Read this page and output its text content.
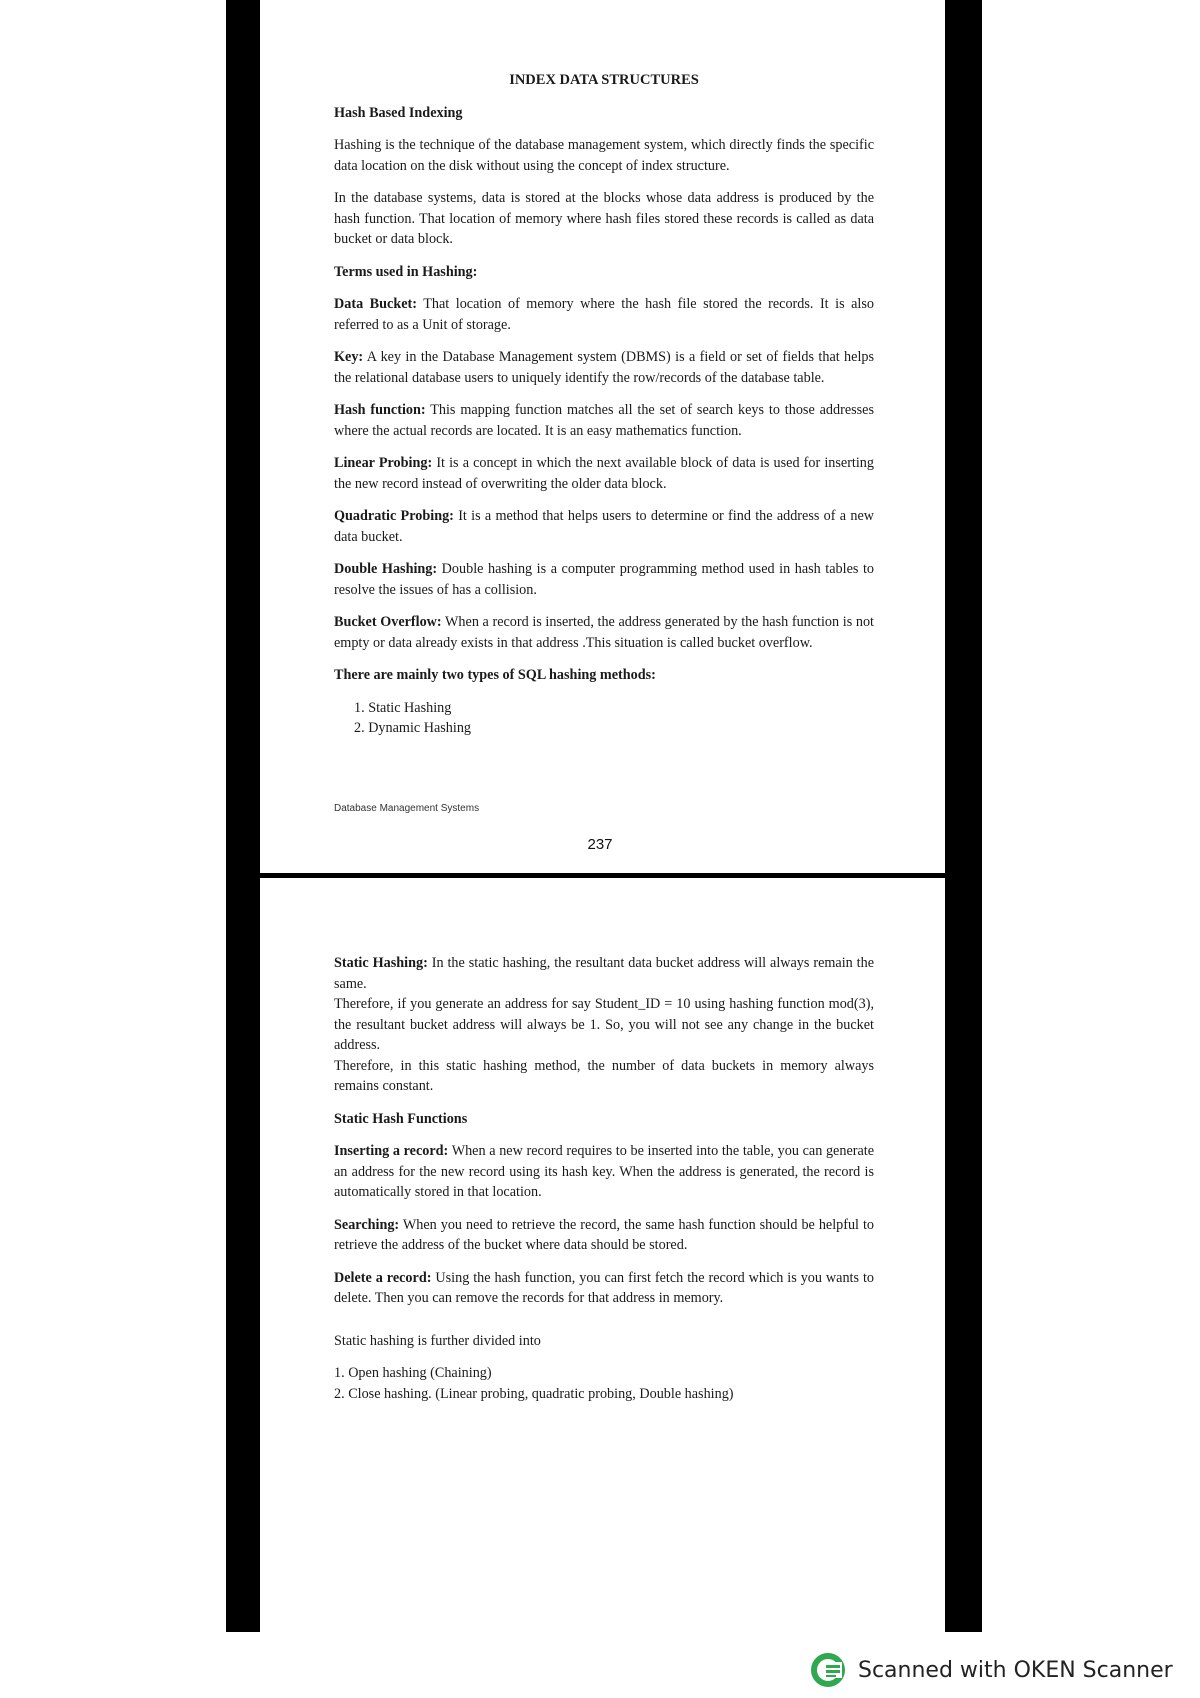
INDEX DATA STRUCTURES
Hash Based Indexing

Hashing is the technique of the database management system, which directly finds the specific data location on the disk without using the concept of index structure.

In the database systems, data is stored at the blocks whose data address is produced by the hash function. That location of memory where hash files stored these records is called as data bucket or data block.

Terms used in Hashing:

Data Bucket: That location of memory where the hash file stored the records. It is also referred to as a Unit of storage.

Key: A key in the Database Management system (DBMS) is a field or set of fields that helps the relational database users to uniquely identify the row/records of the database table.

Hash function: This mapping function matches all the set of search keys to those addresses where the actual records are located. It is an easy mathematics function.

Linear Probing: It is a concept in which the next available block of data is used for inserting the new record instead of overwriting the older data block.

Quadratic Probing: It is a method that helps users to determine or find the address of a new data bucket.

Double Hashing: Double hashing is a computer programming method used in hash tables to resolve the issues of has a collision.

Bucket Overflow: When a record is inserted, the address generated by the hash function is not empty or data already exists in that address .This situation is called bucket overflow.

There are mainly two types of SQL hashing methods:
1. Static Hashing
2. Dynamic Hashing
Database Management Systems
237

Static Hashing: In the static hashing, the resultant data bucket address will always remain the same.

Therefore, if you generate an address for say Student_ID = 10 using hashing function mod(3), the resultant bucket address will always be 1. So, you will not see any change in the bucket address.

Therefore, in this static hashing method, the number of data buckets in memory always remains constant.

Static Hash Functions

Inserting a record: When a new record requires to be inserted into the table, you can generate an address for the new record using its hash key. When the address is generated, the record is automatically stored in that location.

Searching: When you need to retrieve the record, the same hash function should be helpful to retrieve the address of the bucket where data should be stored.

Delete a record: Using the hash function, you can first fetch the record which is you wants to delete. Then you can remove the records for that address in memory.

Static hashing is further divided into

1. Open hashing (Chaining)
2. Close hashing. (Linear probing, quadratic probing, Double hashing)
Scanned with OKEN Scanner
